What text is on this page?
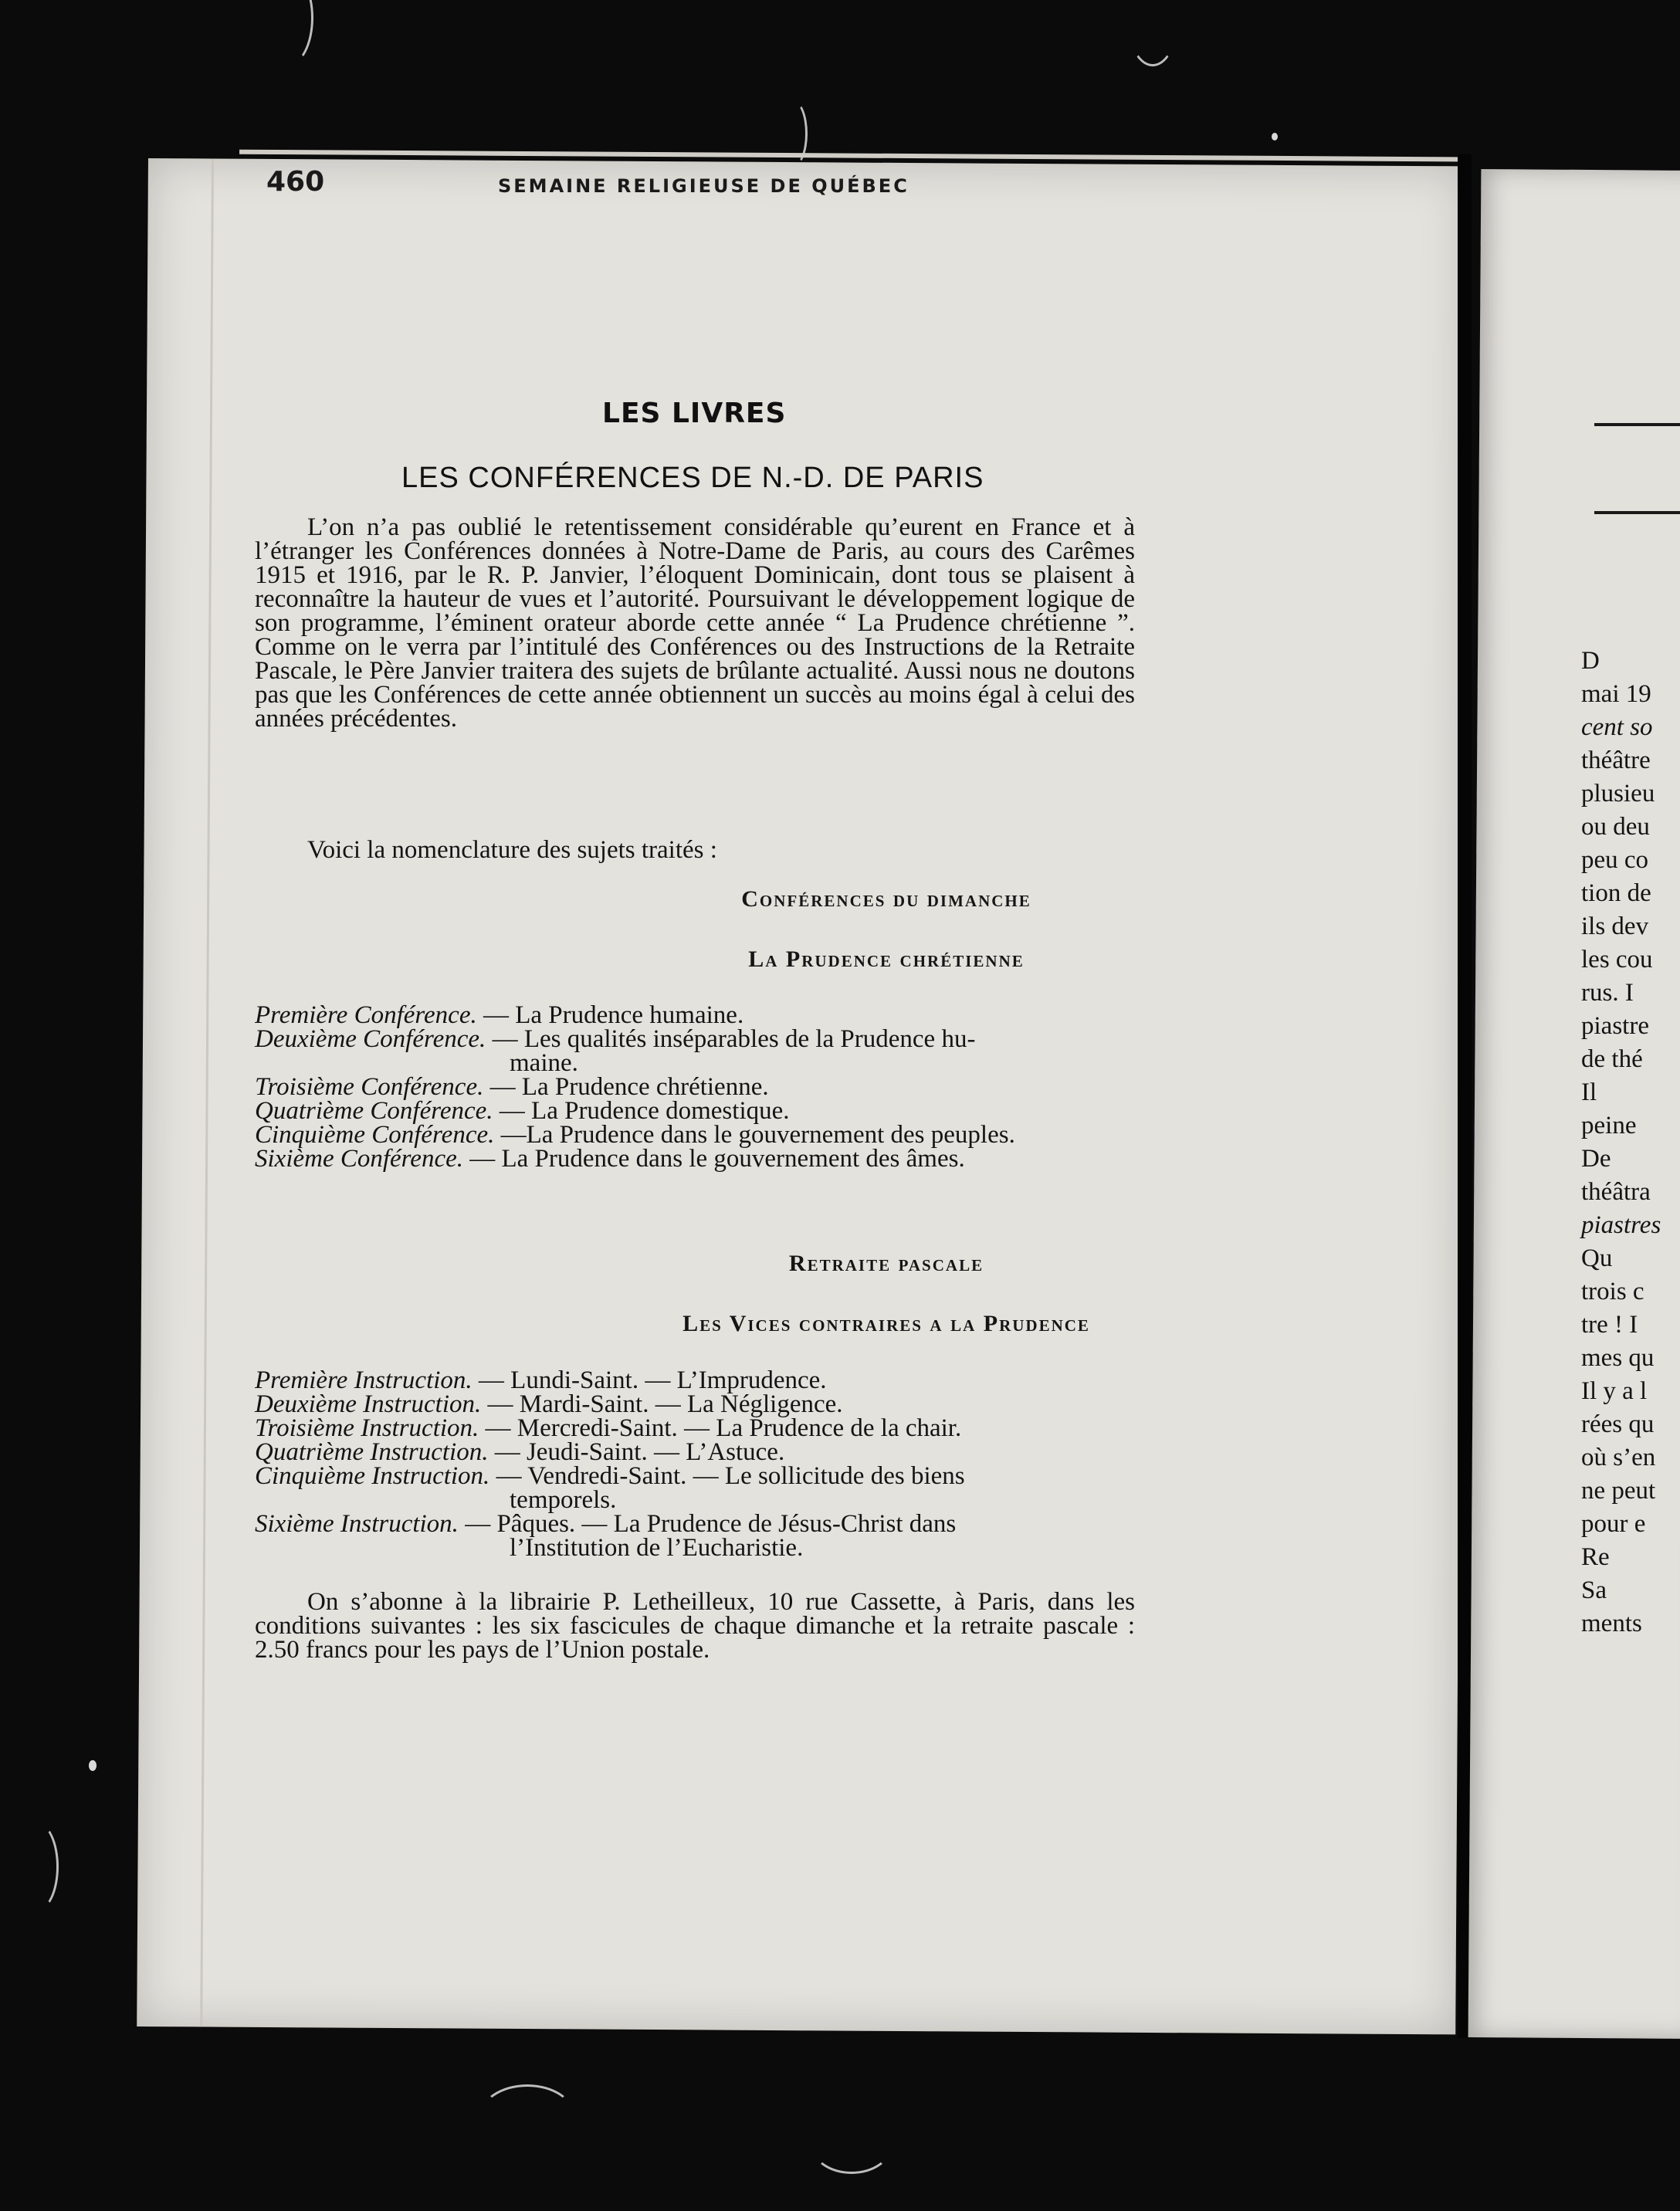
460	SEMAINE RELIGIEUSE DE QUÉBEC
LES LIVRES
LES CONFÉRENCES DE N.-D. DE PARIS

L’on n’a pas oublié le retentissement considérable qu’eurent en France et à l’étranger les Conférences données à Notre-Dame de Paris, au cours des Carêmes 1915 et 1916, par le R. P. Janvier, l’éloquent Dominicain, dont tous se plaisent à reconnaître la hauteur de vues et l’autorité. Poursuivant le développement logique de son programme, l’éminent orateur aborde cette année “ La Prudence chrétienne ”. Comme on le verra par l’intitulé des Conférences ou des Instructions de la Retraite Pascale, le Père Janvier traitera des sujets de brûlante actualité. Aussi nous ne doutons pas que les Conférences de cette année obtiennent un succès au moins égal à celui des années précédentes.

Voici la nomenclature des sujets traités :

Conférences du dimanche
La Prudence chrétienne
Première Conférence. — La Prudence humaine.
Deuxième Conférence. — Les qualités inséparables de la Prudence hu-
maine.
Troisième Conférence. — La Prudence chrétienne.
Quatrième Conférence. — La Prudence domestique.
Cinquième Conférence. —La Prudence dans le gouvernement des peuples.
Sixième Conférence. — La Prudence dans le gouvernement des âmes.
Retraite pascale
Les Vices contraires a la Prudence
Première Instruction. — Lundi-Saint. — L’Imprudence.
Deuxième Instruction. — Mardi-Saint. — La Négligence.
Troisième Instruction. — Mercredi-Saint. — La Prudence de la chair.
Quatrième Instruction. — Jeudi-Saint. — L’Astuce.
Cinquième Instruction. — Vendredi-Saint. — Le sollicitude des biens
temporels.
Sixième Instruction. — Pâques. — La Prudence de Jésus-Christ dans
l’Institution de l’Eucharistie.

On s’abonne à la librairie P. Letheilleux, 10 rue Cassette, à Paris, dans les conditions suivantes : les six fascicules de chaque dimanche et la retraite pascale : 2.50 francs pour les pays de l’Union postale.

D
mai 19
cent so
théâtre
plusieu
ou deu
peu co
tion de
ils dev
les cou
rus. I
piastre
de thé
Il
peine
De
théâtra
piastres
Qu
trois c
tre ! I
mes qu
Il y a l
rées qu
où s’en
ne peut
pour e
Re
Sa
ments
